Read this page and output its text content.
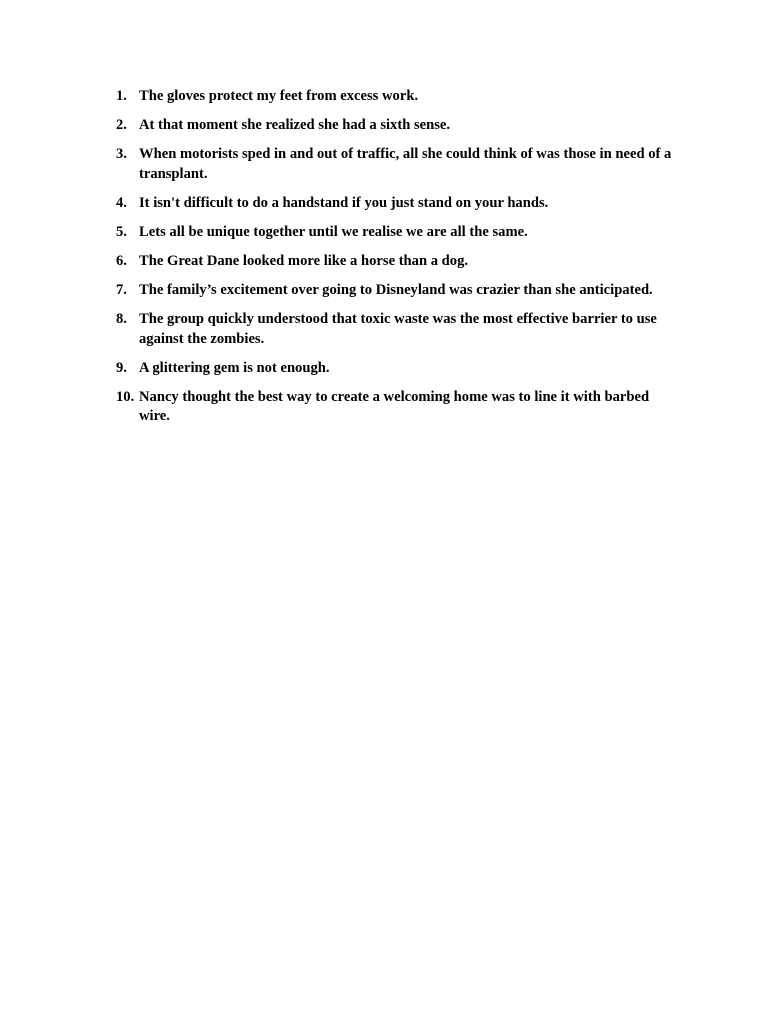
1. The gloves protect my feet from excess work.
2. At that moment she realized she had a sixth sense.
3. When motorists sped in and out of traffic, all she could think of was those in need of a transplant.
4. It isn't difficult to do a handstand if you just stand on your hands.
5. Lets all be unique together until we realise we are all the same.
6. The Great Dane looked more like a horse than a dog.
7. The family’s excitement over going to Disneyland was crazier than she anticipated.
8. The group quickly understood that toxic waste was the most effective barrier to use against the zombies.
9. A glittering gem is not enough.
10. Nancy thought the best way to create a welcoming home was to line it with barbed wire.
